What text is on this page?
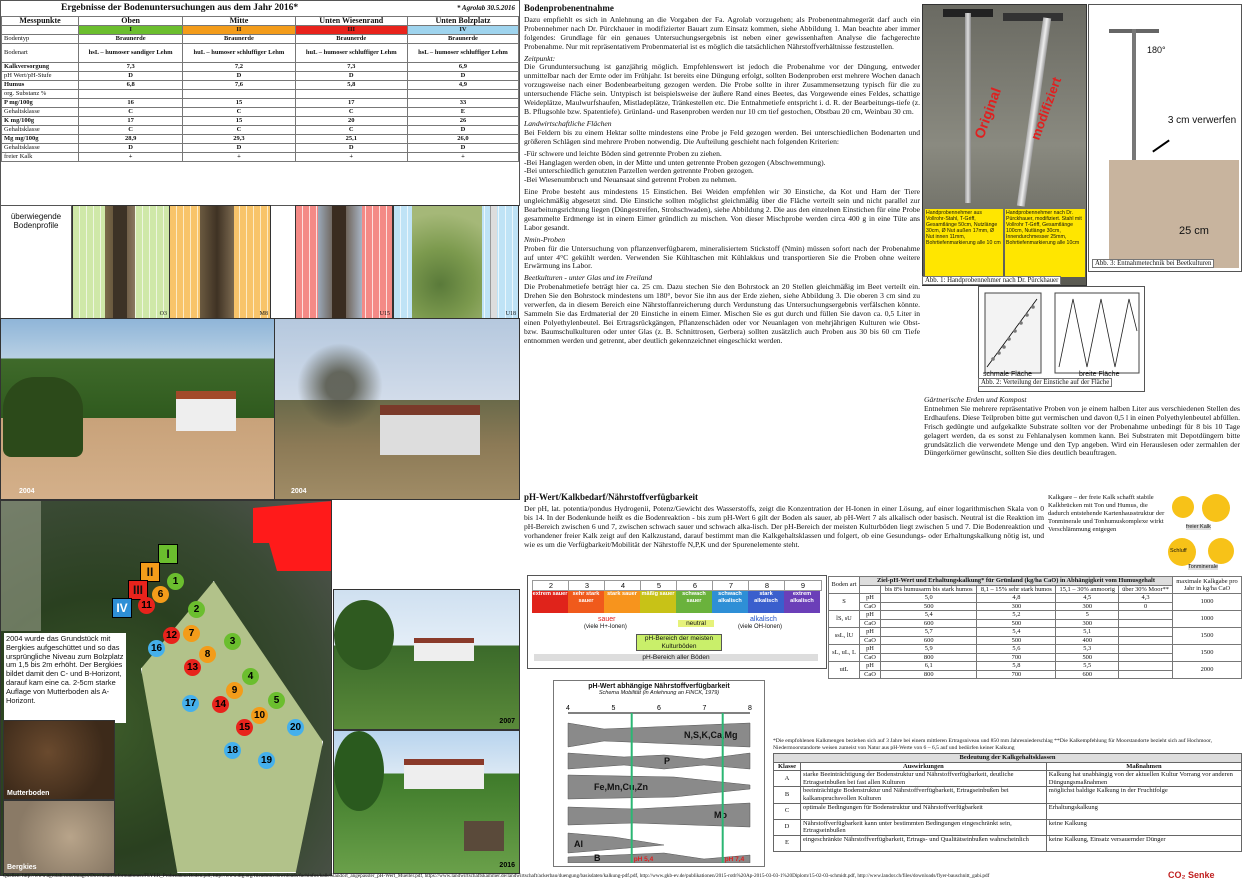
Ergebnisse der Bodenuntersuchungen aus dem Jahr 2016*	* Agrolab 30.5.2016
Messpunkte	Oben	Mitte	Unten Wiesenrand	Unten Bolzplatz
	I	II	III	IV
Bodentyp	Braunerde	Braunerde	Braunerde	Braunerde
Bodenart	hsL – humoser sandiger Lehm	huL – humoser schluffiger Lehm	huL – humoser schluffiger Lehm	hsL – humoser schluffiger Lehm
Kalkversorgung	7,3	7,2	7,3	6,9
pH Wert/pH-Stufe	D	D	D	D
Humus	6,8	7,6	5,8	4,9
org. Substanz %				
P mg/100g	16	15	17	33
Gehaltsklasse	C	C	C	E
K mg/100g	17	15	20	26
Gehaltsklasse	C	C	C	D
Mg mg/100g	28,9	29,3	25,1	26,0
Gehaltsklasse	D	D	D	D
freier Kalk	+	+	+	+
überwiegende Bodenprofile
O3	M8	U15	U18
2004	2004
I
II
III
IV
1
2
3
4
5
6
7
8
9
10
11
12
13
14
15
16
17
18
19
20
2004 wurde das Grundstück mit Bergkies aufgeschüttet und so das ursprüngliche Niveau zum Bolzplatz um 1,5 bis 2m erhöht. Der Bergkies bildet damit den C- und B-Horizont, darauf kam eine ca. 2-5cm starke Auflage von Mutterboden als A-Horizont.
Mutterboden
Bergkies
2007
2016
Bodenprobenentnahme

Dazu empfiehlt es sich in Anlehnung an die Vorgaben der Fa. Agrolab vorzugehen; als Probenentnahmegerät darf auch ein Probennehmer nach Dr. Pürckhauer in modifizierter Bauart zum Einsatz kommen, siehe Abbildung 1. Man beachte aber immer folgendes: Grundlage für ein genaues Untersuchungsergebnis ist neben einer gewissenhaften Analyse die fachgerechte Probenahme. Nur mit repräsentativem Probenmaterial ist es möglich die tatsächlichen Nährstoffverhältnisse festzustellen.

Zeitpunkt:

Die Grunduntersuchung ist ganzjährig möglich. Empfehlenswert ist jedoch die Probenahme vor der Düngung, entweder unmittelbar nach der Ernte oder im Frühjahr. Ist bereits eine Düngung erfolgt, sollten Bodenproben erst mehrere Wochen danach vorzugsweise nach einer Bodenbearbeitung gezogen werden. Die Probe sollte in ihrer Zusammensetzung typisch für die zu untersuchende Fläche sein. Untypisch ist beispielsweise der äußere Rand eines Beetes, das Vorgewende eines Feldes, schattige Weideplätze, Maulwurfshaufen, Mistladeplätze, Tränkestellen etc. Die Entnahmetiefe entspricht i. d. R. der Bearbeitungs-tiefe (z. B. Pflugsohle bzw. Spatentiefe). Grünland- und Rasenproben werden nur 10 cm tief gestochen, Obstbau 20 cm, Weinbau 30 cm.

Landwirtschaftliche Flächen

Bei Feldern bis zu einem Hektar sollte mindestens eine Probe je Feld gezogen werden. Bei unterschiedlichen Bodenarten und größeren Schlägen sind mehrere Proben notwendig. Die Aufteilung geschieht nach folgenden Kriterien:

-Für schwere und leichte Böden sind getrennte Proben zu ziehen.
-Bei Hanglagen werden oben, in der Mitte und unten getrennte Proben gezogen (Abschwemmung).
-Bei unterschiedlich genutzten Parzellen werden getrennte Proben gezogen.
-Bei Wiesenumbruch und Neuansaat sind getrennt Proben zu nehmen.

Eine Probe besteht aus mindestens 15 Einstichen. Bei Weiden empfehlen wir 30 Einstiche, da Kot und Harn der Tiere ungleichmäßig abgesetzt sind. Die Einstiche sollten möglichst gleichmäßig über die Fläche verteilt sein und nicht parallel zur Bearbeitungsrichtung liegen (Düngestreifen, Strohschwaden), siehe Abbildung 2. Die aus den einzelnen Einstichen für eine Probe gesammelte Erdmenge ist in einem Eimer gründlich zu mischen. Von dieser Mischprobe werden circa 400 g in eine Tüte ans Labor gesandt.

Nmin-Proben

Proben für die Untersuchung von pflanzenverfügbarem, mineralisiertem Stickstoff (Nmin) müssen sofort nach der Probenahme auf unter 4°C gekühlt werden. Verwenden Sie Kühltaschen mit Kühlakkus und transportieren Sie die Proben ohne weitere Erwärmung ins Labor.

Beetkulturen - unter Glas und im Freiland

Die Probenahmetiefe beträgt hier ca. 25 cm. Dazu stechen Sie den Bohrstock an 20 Stellen gleichmäßig im Beet verteilt ein. Drehen Sie den Bohrstock mindestens um 180°, bevor Sie ihn aus der Erde ziehen, siehe Abbildung 3. Die oberen 3 cm sind zu verwerfen, da in diesem Bereich eine Nährstoffanreicherung durch Verdunstung das Untersuchungsergebnis verfälschen könnte. Sammeln Sie das Erdmaterial der 20 Einstiche in einem Eimer. Mischen Sie es gut durch und füllen Sie davon ca. 0,5 Liter in einen Polyethylenbeutel. Bei Ertragsrückgängen, Pflanzenschäden oder vor Neuanlagen von mehrjährigen Kulturen wie Obst- bzw. Baumschulkulturen oder unter Glas (z. B. Schnittrosen, Gerbera) sollten zusätzlich auch Proben aus 30 bis 60 cm Tiefe entnommen werden und getrennt, aber deutlich gekennzeichnet eingeschickt werden.

Original modifiziert
Handprobennehmer aus Vollrohr-Stahl, T-Griff, Gesamtlänge 50cm, Nutzlänge 30cm, Ø Nut außen 17mm, Ø Nut innen 11mm, Bohrtiefenmarkierung alle 10 cm
Handprobennehmer nach Dr. Pürckhauer, modifiziert. Stahl mit Vollrohr T-Griff, Gesamtlänge 100cm, Nutlänge 30cm, Innendurchmesser 25mm, Bohrtiefenmarkierung alle 10cm
Abb. 1: Handprobennehmer nach Dr. Pürckhauer
180°
3 cm verwerfen
25 cm
Abb. 3: Entnahmetechnik bei Beetkulturen
schmale Fläche	breite Fläche
Abb. 2: Verteilung der Einstiche auf der Fläche
Gärtnerische Erden und Kompost
Entnehmen Sie mehrere repräsentative Proben von je einem halben Liter aus verschiedenen Stellen des Erdhaufens. Diese Teilproben bitte gut vermischen und davon 0,5 l in einen Polyethylenbeutel abfüllen. Frisch gedüngte und aufgekalkte Substrate sollten vor der Probenahme unbedingt für 8 bis 10 Tage gelagert werden, da es sonst zu Fehlanalysen kommen kann. Bei Substraten mit Depotdüngern bitte grundsätzlich die verwendete Menge und den Typ angeben. Wird ein Herauslesen oder zermahlen der Düngerkörner gewünscht, sollten Sie dies deutlich beauftragen.
pH-Wert/Kalkbedarf/Nährstoffverfügbarkeit
Der pH, lat. potentia/pondus Hydrogenii, Potenz/Gewicht des Wasserstoffs, zeigt die Konzentration der H-Ionen in einer Lösung, auf einer logarithmischen Skala von 0 bis 14. In der Bodenkunde heißt es die Bodenreaktion - bis zum pH-Wert 6 gilt der Boden als sauer, ab pH-Wert 7 als alkalisch oder basisch. Neutral ist die Reaktion im pH-Bereich zwischen 6 und 7, zwischen schwach sauer und schwach alka-lisch. Der pH-Bereich der meisten Kulturböden liegt zwischen 5 und 7. Die Bodenreaktion und vorhandener freier Kalk zeigt auf den Kalkzustand, darauf bestimmt man die Kalkgehaltsklassen und folgert, ob eine Gesundungs- oder Erhaltungskalkung nötig ist, und wie es um die Verfügbarkeit/Mobilität der Nährstoffe N,P,K und der Spurenelemente steht.
2
extrem sauer
3
sehr stark sauer
4
stark sauer
5
mäßig sauer
6
schwach sauer
7
schwach alkalisch
8
stark alkalisch
9
extrem alkalisch
sauer
(viele H+-Ionen)	neutral
alkalisch
(viele OH-Ionen)
pH-Bereich der meisten Kulturböden
pH-Bereich aller Böden
Kalkgare – der freie Kalk schafft stabile Kalkbrücken mit Ton und Humus, die dadurch entstehende Kartenhausstruktur der Tonminerale und Tonhumuskomplexe wirkt Verschlämmung entgegen	freier Kalk
Schluff
Tonminerale
pH-Wert abhängige Nährstoffverfügbarkeit
Schema Mobilität (in Anlehnung an FINCK, 1979)
4	5	6	7	8
N,S,K,Ca,Mg
P
Fe,Mn,Cu,Zn
Mo
Al
B	pH 5,4	pH 7,4
Boden art	Ziel-pH-Wert und Erhaltungskalkung* für Grünland (kg/ha CaO) in Abhängigkeit vom Humusgehalt					maximale Kalkgabe pro Jahr in kg/ha CaO
		bis 8% humusarm bis stark humos	8,1 – 15% sehr stark humos	15,1 – 30% anmoorig	über 30% Moor**	
S	pH	5,0	4,8	4,5	4,3	1000
	CaO	500	300	300	0	
lS, sU	pH	5,4	5,2	5		1000
	CaO	600	500	300		
ssL, lU	pH	5,7	5,4	5,1		1500
	CaO	600	500	400		
sL, uL, L	pH	5,9	5,6	5,3		1500
	CaO	800	700	500		
utL	pH	6,1	5,8	5,5		2000
	CaO	800	700	600		
*Die empfohlenen Kalkmengen beziehen sich auf 3 Jahre bei einem mittleren Ertragsniveau und 850 mm Jahresniederschlag **Die Kalkempfehlung für Moorstandorte bezieht sich auf Hochmoor, Niedermoorstandorte weisen zumeist von Natur aus pH-Werte von 6 – 6,5 auf und bedürfen keiner Kalkung
Bedeutung der Kalkgehaltsklassen		
Klasse	Auswirkungen	Maßnahmen
A	starke Beeinträchtigung der Bodenstruktur und Nährstoffverfügbarkeit, deutliche Ertragseinbußen bei fast allen Kulturen	Kalkung hat unabhängig von der aktuellen Kultur Vorrang vor anderen Düngungsmaßnahmen
B	beeinträchtigte Bodenstruktur und Nährstoffverfügbarkeit, Ertragseinbußen bei kalkanspruchsvollen Kulturen	möglichst baldige Kalkung in der Fruchtfolge
C	optimale Bedingungen für Bodenstruktur und Nährstoffverfügbarkeit	Erhaltungskalkung
D	Nährstoffverfügbarkeit kann unter bestimmten Bedingungen eingeschränkt sein, Ertragseinbußen	keine Kalkung
E	eingeschränkte Nährstoffverfügbarkeit, Ertrags- und Qualitätseinbußen wahrscheinlich	keine Kalkung, Einsatz versauernder Dünger
Quellen: http://www.agrolab.com/images/Download/Informationen/FLYER_ProbenahmeBoden.pdf, http://www.dlg.org/fileadmin/downloads/fachinfos/kalk/Standort_angepasster_pH-Wert_Mueller.pdf, https://www.landwirtschaftskammer.de/landwirtschaft/ackerbau/duengung/basisdaten/kalkung-pdf.pdf, http://www.gkb-ev.de/publikationen/2015-roth%20Ap-2015-03-03-1%20Diplom/15-02-03-schmidt.pdf, http://www.landor.ch/files/downloads/flyer-bauschnitt_gabi.pdf	CO₂ Senke
